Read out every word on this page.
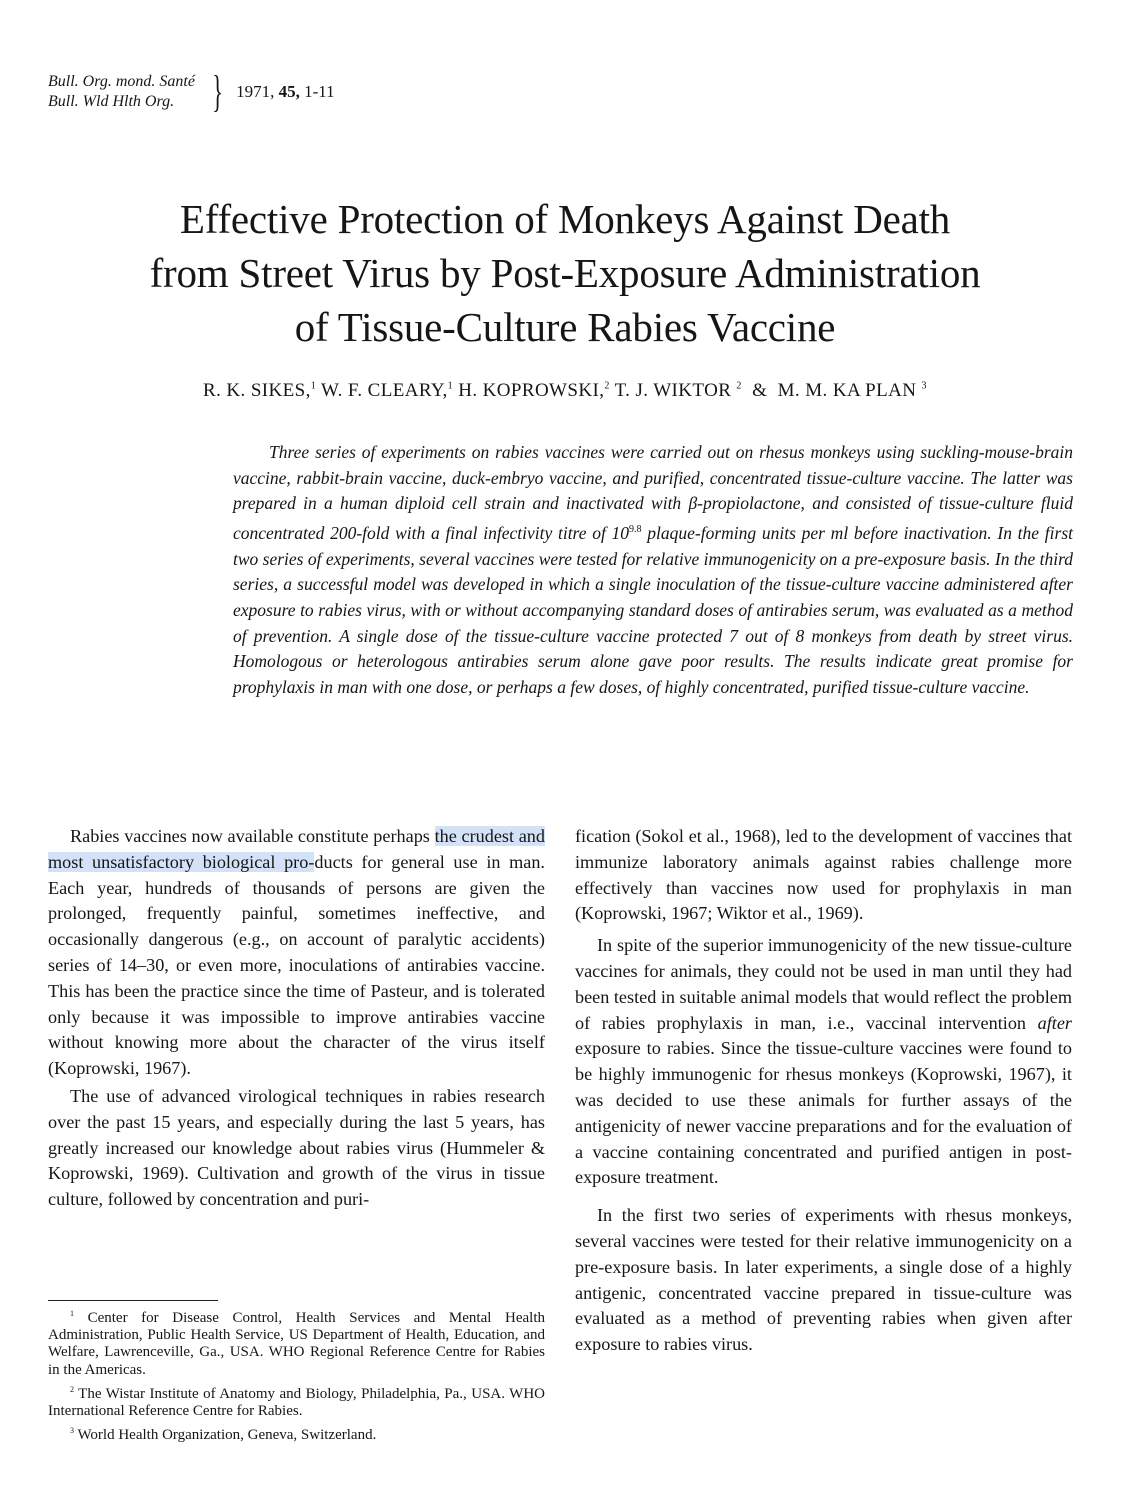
Bull. Org. mond. Santé
Bull. Wld Hlth Org. } 1971, 45, 1-11
Effective Protection of Monkeys Against Death
from Street Virus by Post-Exposure Administration
of Tissue-Culture Rabies Vaccine
R. K. SIKES,$^1$ W. F. CLEARY,$^1$ H. KOPROWSKI,$^2$ T. J. WIKTOR $^2$ & M. M. KA PLAN $^3$
Three series of experiments on rabies vaccines were carried out on rhesus monkeys using suckling-mouse-brain vaccine, rabbit-brain vaccine, duck-embryo vaccine, and purified, concentrated tissue-culture vaccine. The latter was prepared in a human diploid cell strain and inactivated with β-propiolactone, and consisted of tissue-culture fluid concentrated 200-fold with a final infectivity titre of $10^{9.8}$ plaque-forming units per ml before inactivation. In the first two series of experiments, several vaccines were tested for relative immunogenicity on a pre-exposure basis. In the third series, a successful model was developed in which a single inoculation of the tissue-culture vaccine administered after exposure to rabies virus, with or without accompanying standard doses of antirabies serum, was evaluated as a method of prevention. A single dose of the tissue-culture vaccine protected 7 out of 8 monkeys from death by street virus. Homologous or heterologous antirabies serum alone gave poor results. The results indicate great promise for prophylaxis in man with one dose, or perhaps a few doses, of highly concentrated, purified tissue-culture vaccine.

Rabies vaccines now available constitute perhaps the crudest and most unsatisfactory biological pro-ducts for general use in man. Each year, hundreds of thousands of persons are given the prolonged, frequently painful, sometimes ineffective, and occasionally dangerous (e.g., on account of paralytic accidents) series of 14–30, or even more, inoculations of antirabies vaccine. This has been the practice since the time of Pasteur, and is tolerated only because it was impossible to improve antirabies vaccine without knowing more about the character of the virus itself (Koprowski, 1967).

The use of advanced virological techniques in rabies research over the past 15 years, and especially during the last 5 years, has greatly increased our knowledge about rabies virus (Hummeler & Koprowski, 1969). Cultivation and growth of the virus in tissue culture, followed by concentration and puri-

fication (Sokol et al., 1968), led to the development of vaccines that immunize laboratory animals against rabies challenge more effectively than vaccines now used for prophylaxis in man (Koprowski, 1967; Wiktor et al., 1969).

In spite of the superior immunogenicity of the new tissue-culture vaccines for animals, they could not be used in man until they had been tested in suitable animal models that would reflect the problem of rabies prophylaxis in man, i.e., vaccinal intervention after exposure to rabies. Since the tissue-culture vaccines were found to be highly immunogenic for rhesus monkeys (Koprowski, 1967), it was decided to use these animals for further assays of the antigenicity of newer vaccine preparations and for the evaluation of a vaccine containing concentrated and purified antigen in post-exposure treatment.

In the first two series of experiments with rhesus monkeys, several vaccines were tested for their relative immunogenicity on a pre-exposure basis. In later experiments, a single dose of a highly antigenic, concentrated vaccine prepared in tissue-culture was evaluated as a method of preventing rabies when given after exposure to rabies virus.

$^1$ Center for Disease Control, Health Services and Mental Health Administration, Public Health Service, US Department of Health, Education, and Welfare, Lawrenceville, Ga., USA. WHO Regional Reference Centre for Rabies in the Americas.

$^2$ The Wistar Institute of Anatomy and Biology, Philadelphia, Pa., USA. WHO International Reference Centre for Rabies.

$^3$ World Health Organization, Geneva, Switzerland.
